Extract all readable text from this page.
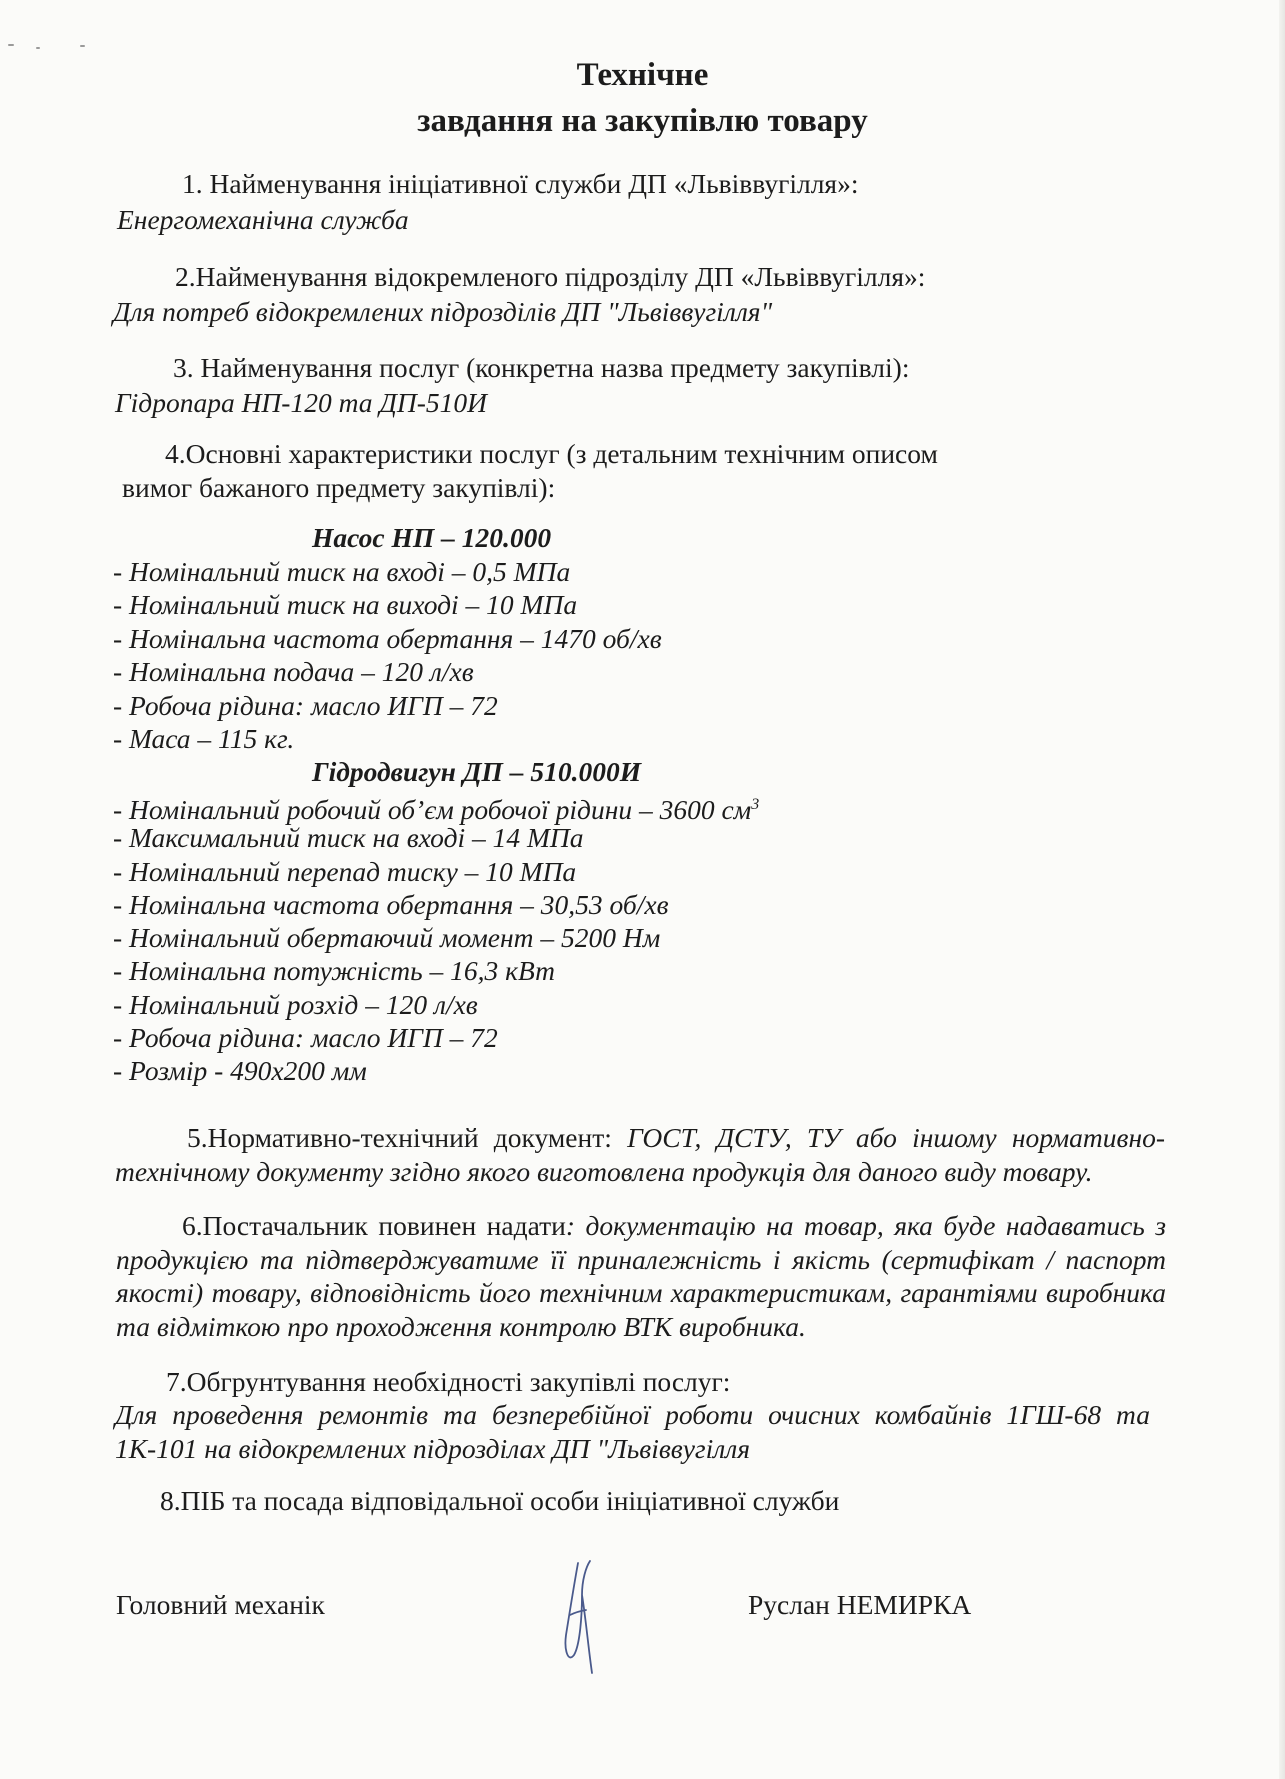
Технічне
завдання на закупівлю товару
1. Найменування ініціативної служби ДП «Львіввугілля»:
Енергомеханічна служба
2.Найменування відокремленого підрозділу ДП «Львіввугілля»:
Для потреб відокремлених підрозділів ДП "Львіввугілля"
3. Найменування послуг (конкретна назва предмету закупівлі):
Гідропара НП-120 та ДП-510И
4.Основні характеристики послуг (з детальним технічним описом
вимог бажаного предмету закупівлі):
Насос НП – 120.000
- Номінальний тиск на вході – 0,5 МПа
- Номінальний тиск на виході – 10 МПа
- Номінальна частота обертання – 1470 об/хв
- Номінальна подача – 120 л/хв
- Робоча рідина: масло ИГП – 72
- Маса – 115 кг.
Гідродвигун ДП – 510.000И
- Номінальний робочий об’єм робочої рідини – 3600 $см^3$
- Максимальний тиск на вході – 14 МПа
- Номінальний перепад тиску – 10 МПа
- Номінальна частота обертання – 30,53 об/хв
- Номінальний обертаючий момент – 5200 Нм
- Номінальна потужність – 16,3 кВт
- Номінальний розхід – 120 л/хв
- Робоча рідина: масло ИГП – 72
- Розмір - 490х200 мм
5.Нормативно-технічний документ: ГОСТ, ДСТУ, ТУ або іншому нормативно-технічному документу згідно якого виготовлена продукція для даного виду товару.
6.Постачальник повинен надати: документацію на товар, яка буде надаватись з продукцією та підтверджуватиме її приналежність і якість (сертифікат / паспорт якості) товару, відповідність його технічним характеристикам, гарантіями виробника та відміткою про проходження контролю ВТК виробника.
7.Обгрунтування необхідності закупівлі послуг:
Для проведення ремонтів та безперебійної роботи очисних комбайнів 1ГШ-68 та 1К-101 на відокремлених підрозділах ДП "Львіввугілля
8.ПІБ та посада відповідальної особи ініціативної служби
Головний механік	Руслан НЕМИРКА
